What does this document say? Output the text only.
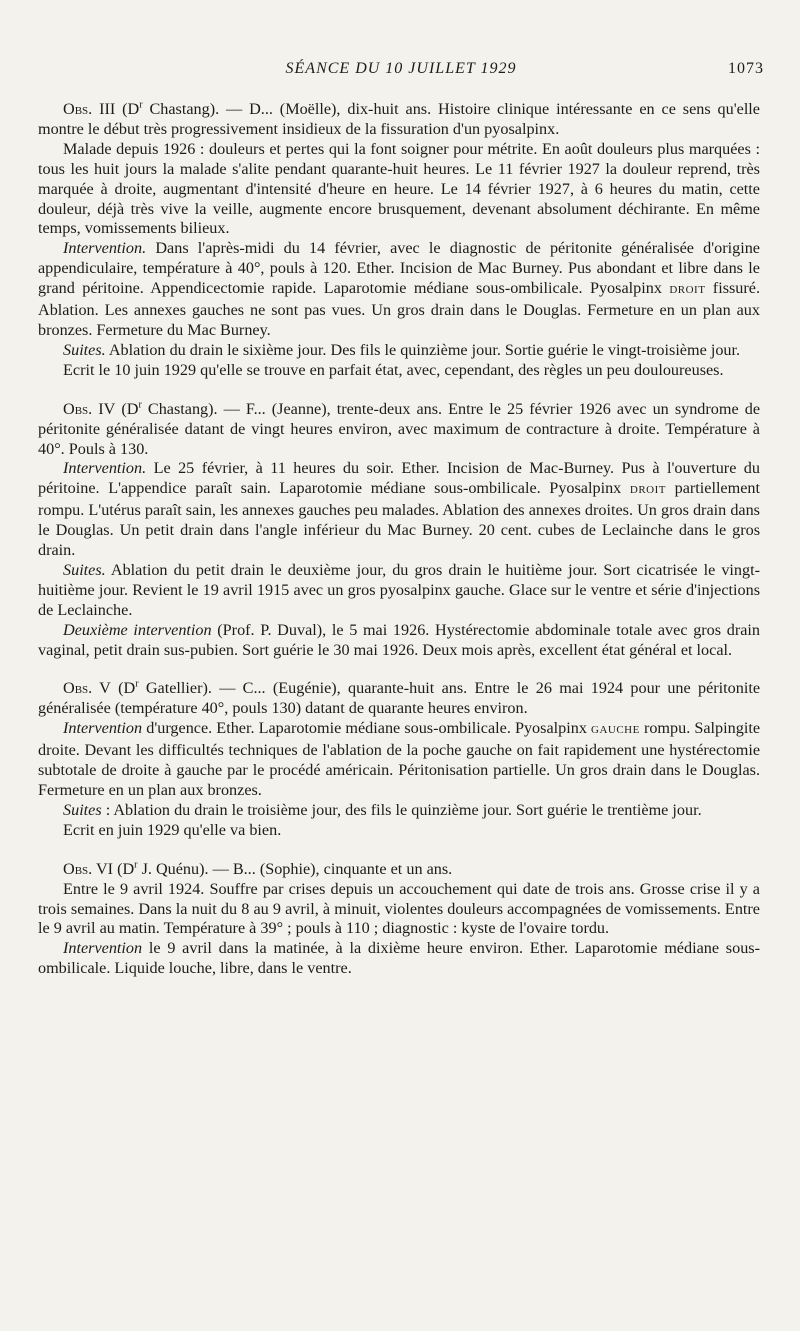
SÉANCE DU 10 JUILLET 1929	1073

Obs. III ($D^r$ Chastang). — D... (Moëlle), dix-huit ans. Histoire clinique intéressante en ce sens qu'elle montre le début très progressivement insidieux de la fissuration d'un pyosalpinx.

Malade depuis 1926 : douleurs et pertes qui la font soigner pour métrite. En août douleurs plus marquées : tous les huit jours la malade s'alite pendant quarante-huit heures. Le 11 février 1927 la douleur reprend, très marquée à droite, augmentant d'intensité d'heure en heure. Le 14 février 1927, à 6 heures du matin, cette douleur, déjà très vive la veille, augmente encore brusquement, devenant absolument déchirante. En même temps, vomissements bilieux.

Intervention. Dans l'après-midi du 14 février, avec le diagnostic de péritonite généralisée d'origine appendiculaire, température à 40°, pouls à 120. Ether. Incision de Mac Burney. Pus abondant et libre dans le grand péritoine. Appendicectomie rapide. Laparotomie médiane sous-ombilicale. Pyosalpinx DROIT fissuré. Ablation. Les annexes gauches ne sont pas vues. Un gros drain dans le Douglas. Fermeture en un plan aux bronzes. Fermeture du Mac Burney.

Suites. Ablation du drain le sixième jour. Des fils le quinzième jour. Sortie guérie le vingt-troisième jour.

Ecrit le 10 juin 1929 qu'elle se trouve en parfait état, avec, cependant, des règles un peu douloureuses.

Obs. IV ($D^r$ Chastang). — F... (Jeanne), trente-deux ans. Entre le 25 février 1926 avec un syndrome de péritonite généralisée datant de vingt heures environ, avec maximum de contracture à droite. Température à 40°. Pouls à 130.

Intervention. Le 25 février, à 11 heures du soir. Ether. Incision de Mac-Burney. Pus à l'ouverture du péritoine. L'appendice paraît sain. Laparotomie médiane sous-ombilicale. Pyosalpinx DROIT partiellement rompu. L'utérus paraît sain, les annexes gauches peu malades. Ablation des annexes droites. Un gros drain dans le Douglas. Un petit drain dans l'angle inférieur du Mac Burney. 20 cent. cubes de Leclainche dans le gros drain.

Suites. Ablation du petit drain le deuxième jour, du gros drain le huitième jour. Sort cicatrisée le vingt-huitième jour. Revient le 19 avril 1915 avec un gros pyosalpinx gauche. Glace sur le ventre et série d'injections de Leclainche.

Deuxième intervention (Prof. P. Duval), le 5 mai 1926. Hystérectomie abdominale totale avec gros drain vaginal, petit drain sus-pubien. Sort guérie le 30 mai 1926. Deux mois après, excellent état général et local.

Obs. V ($D^r$ Gatellier). — C... (Eugénie), quarante-huit ans. Entre le 26 mai 1924 pour une péritonite généralisée (température 40°, pouls 130) datant de quarante heures environ.

Intervention d'urgence. Ether. Laparotomie médiane sous-ombilicale. Pyosalpinx GAUCHE rompu. Salpingite droite. Devant les difficultés techniques de l'ablation de la poche gauche on fait rapidement une hystérectomie subtotale de droite à gauche par le procédé américain. Péritonisation partielle. Un gros drain dans le Douglas. Fermeture en un plan aux bronzes.

Suites : Ablation du drain le troisième jour, des fils le quinzième jour. Sort guérie le trentième jour.

Ecrit en juin 1929 qu'elle va bien.

Obs. VI ($D^r$ J. Quénu). — B... (Sophie), cinquante et un ans.

Entre le 9 avril 1924. Souffre par crises depuis un accouchement qui date de trois ans. Grosse crise il y a trois semaines. Dans la nuit du 8 au 9 avril, à minuit, violentes douleurs accompagnées de vomissements. Entre le 9 avril au matin. Température à 39° ; pouls à 110 ; diagnostic : kyste de l'ovaire tordu.

Intervention le 9 avril dans la matinée, à la dixième heure environ. Ether. Laparotomie médiane sous-ombilicale. Liquide louche, libre, dans le ventre.
